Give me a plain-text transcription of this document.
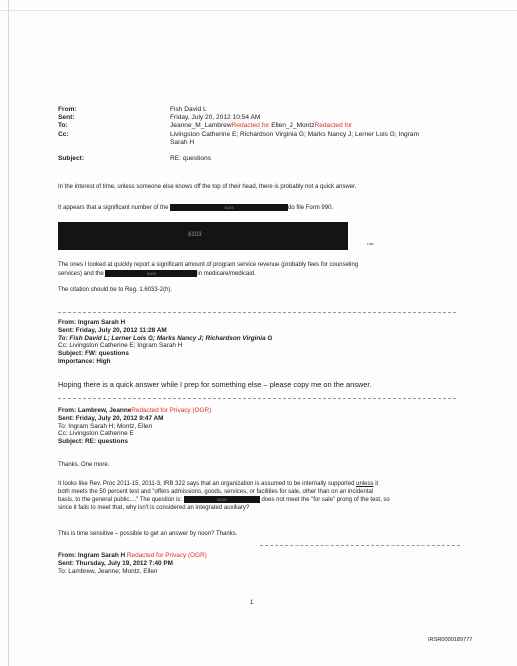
From:	Fish David L
Sent:	Friday, July 20, 2012 10:54 AM
To:	Jeanne_M_LambrewRedacted for Ellen_J_MontzRedacted for
Cc:	Livingston Catherine E; Richardson Virginia G; Marks Nancy J; Lerner Lois G; Ingram
Sarah H
Subject:	RE: questions
In the interest of time, unless someone else knows off the top of their head, there is probably not a quick answer.
It appears that a significant number of the	6103	do file Form 990.
6103
Line
The ones I looked at quickly report a significant amount of program service revenue (probably fees for counseling
services) and the	6103	in medicare/medicaid.
The citation should be to Reg. 1.6033-2(h).
From: Ingram Sarah H
Sent: Friday, July 20, 2012 11:28 AM
To: Fish David L; Lerner Lois G; Marks Nancy J; Richardson Virginia G
Cc: Livingston Catherine E; Ingram Sarah H
Subject: FW: questions
Importance: High
Hoping there is a quick answer while I prep for something else – please copy me on the answer.
From: Lambrew, JeanneRedacted for Privacy (OGR)
Sent: Friday, July 20, 2012 9:47 AM
To: Ingram Sarah H; Montz, Ellen
Cc: Livingston Catherine E
Subject: RE: questions
Thanks. One more.
It looks like Rev. Proc 2011-15, 2011-3, IRB 322 says that an organization is assumed to be internally supported unless it
both meets the 50 percent test and "offers admissions, goods, services, or facilities for sale, other than on an incidental
basis, to the general public...." The question is:	6103	does not meet the "for sale" prong of the test, so
since it fails to meet that, why isn't is considered an integrated auxiliary?
This is time sensitive – possible to get an answer by noon? Thanks.
From: Ingram Sarah H Redacted for Privacy (OGR)
Sent: Thursday, July 19, 2012 7:40 PM
To: Lambrew, Jeanne; Montz, Ellen
1
IRSR0000189777
